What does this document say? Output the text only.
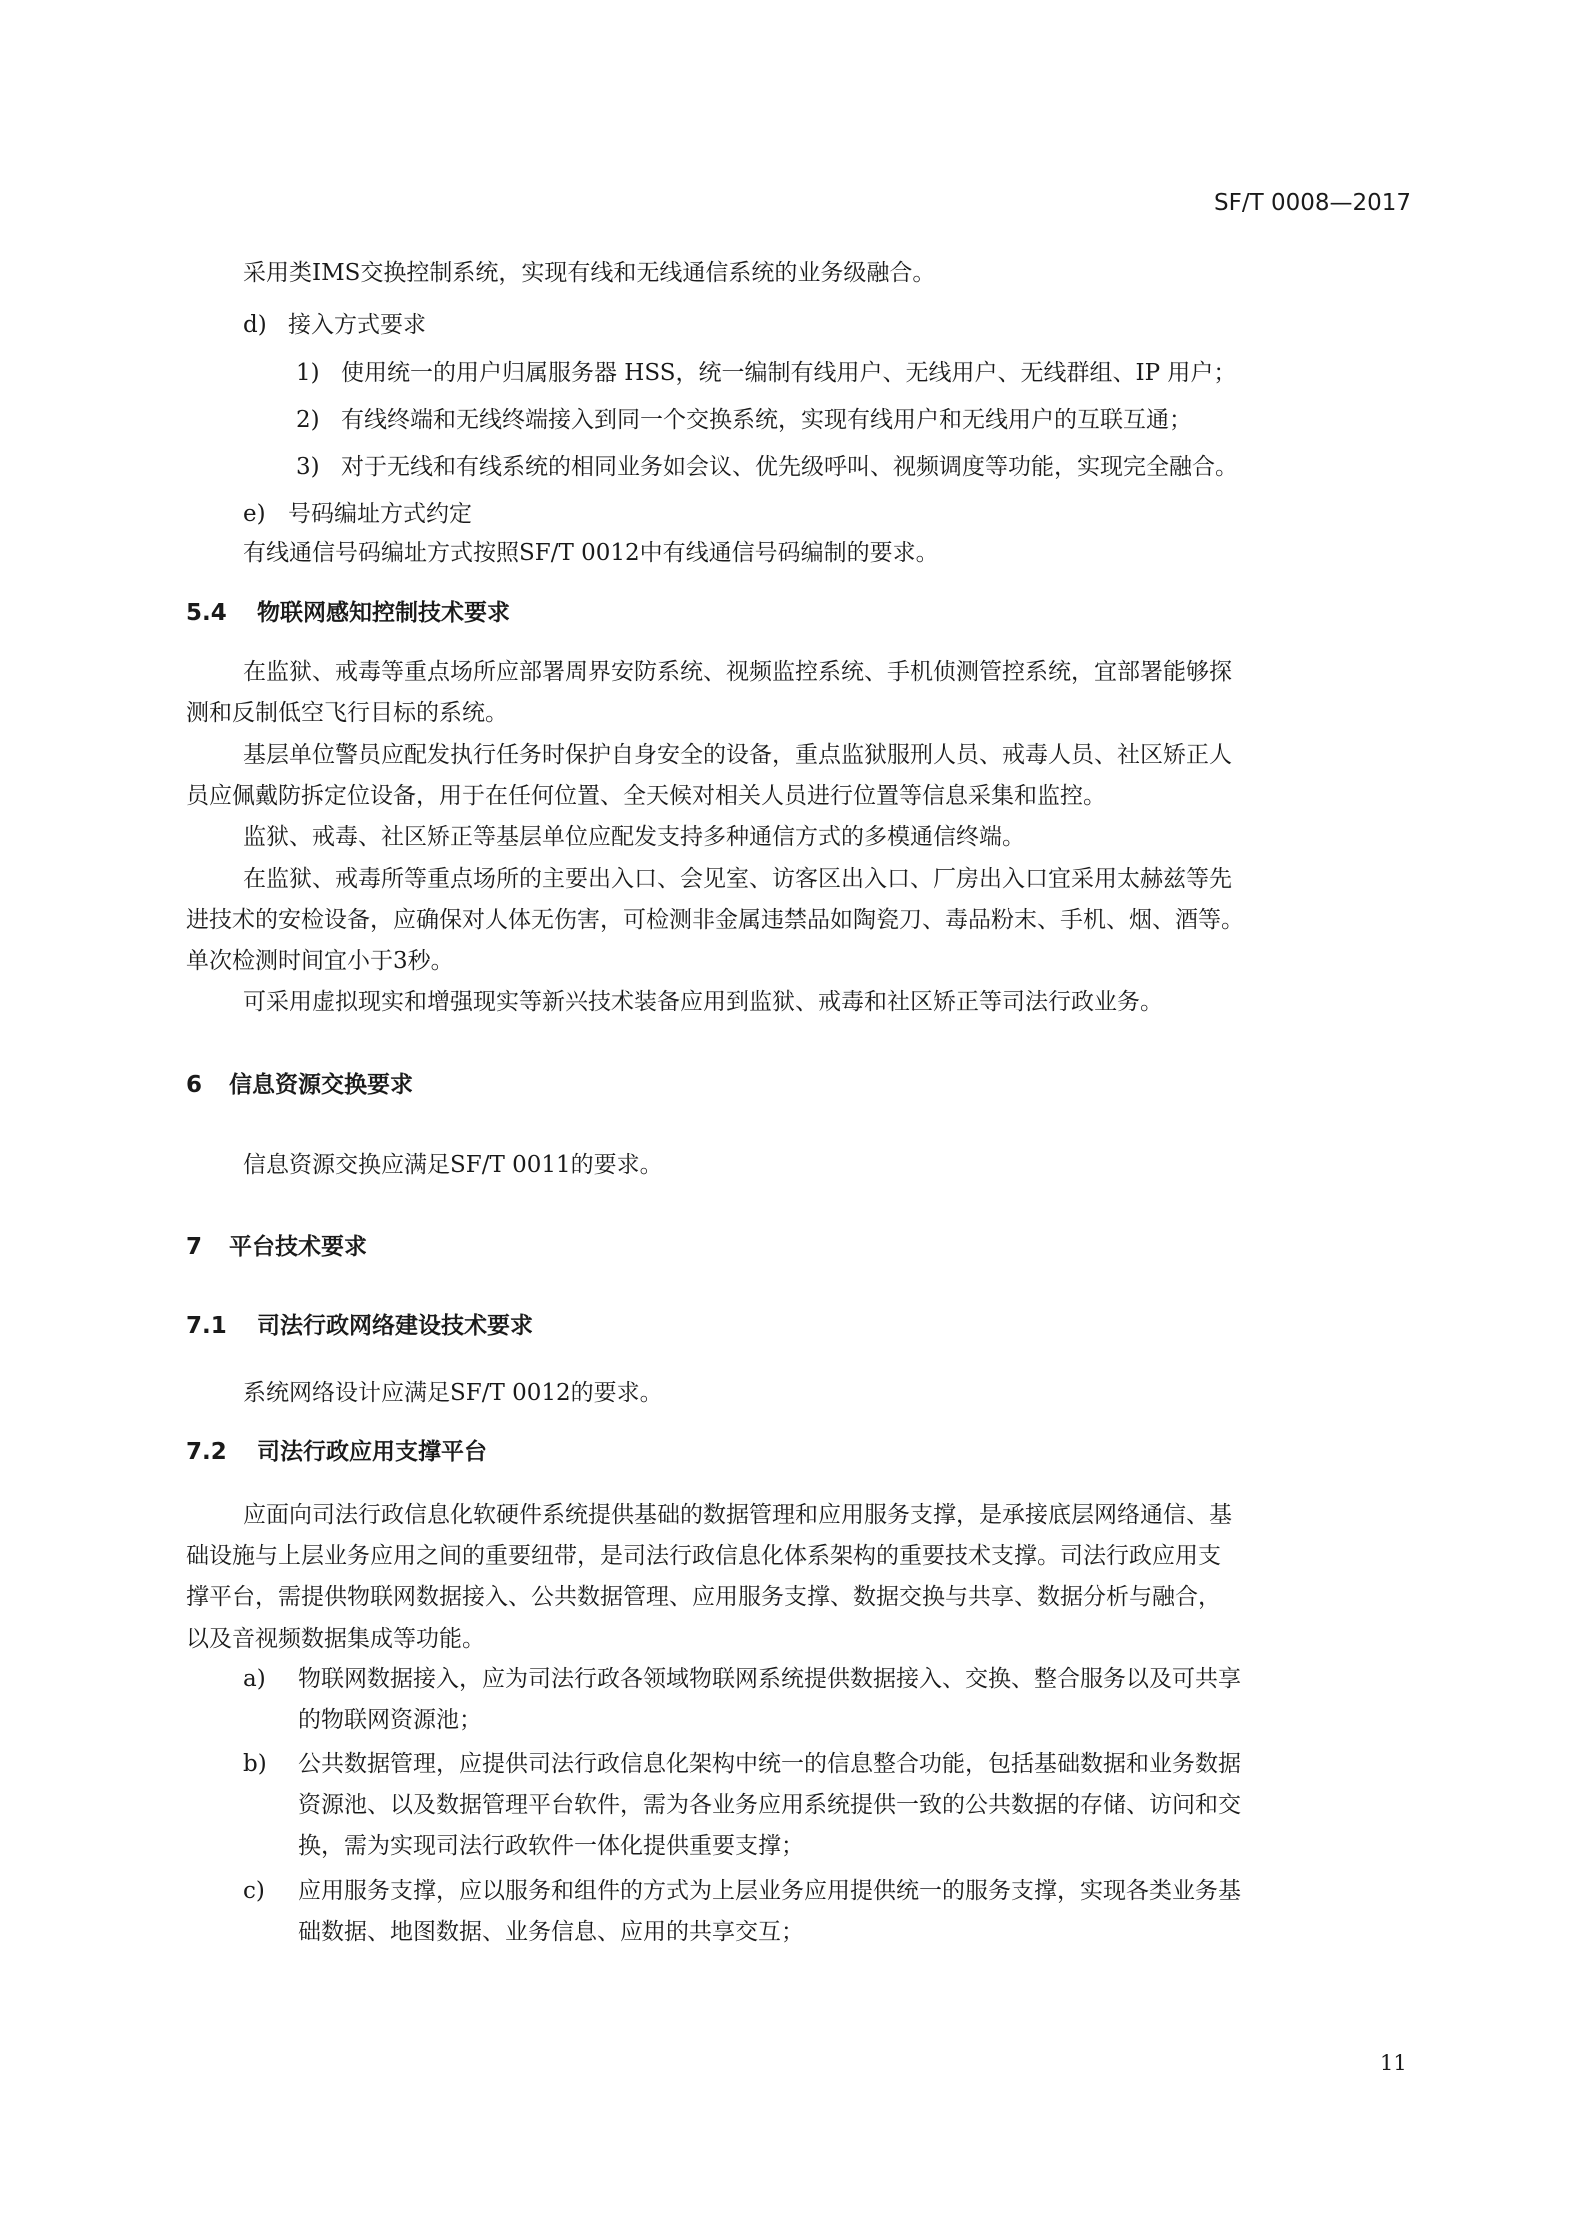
SF/T 0008—2017
采用类IMS交换控制系统，实现有线和无线通信系统的业务级融合。
d) 接入方式要求
1) 使用统一的用户归属服务器 HSS，统一编制有线用户、无线用户、无线群组、IP 用户；
2) 有线终端和无线终端接入到同一个交换系统，实现有线用户和无线用户的互联互通；
3) 对于无线和有线系统的相同业务如会议、优先级呼叫、视频调度等功能，实现完全融合。
e) 号码编址方式约定
有线通信号码编址方式按照SF/T 0012中有线通信号码编制的要求。
5.4 物联网感知控制技术要求
在监狱、戒毒等重点场所应部署周界安防系统、视频监控系统、手机侦测管控系统，宜部署能够探
测和反制低空飞行目标的系统。
基层单位警员应配发执行任务时保护自身安全的设备，重点监狱服刑人员、戒毒人员、社区矫正人
员应佩戴防拆定位设备，用于在任何位置、全天候对相关人员进行位置等信息采集和监控。
监狱、戒毒、社区矫正等基层单位应配发支持多种通信方式的多模通信终端。
在监狱、戒毒所等重点场所的主要出入口、会见室、访客区出入口、厂房出入口宜采用太赫兹等先
进技术的安检设备，应确保对人体无伤害，可检测非金属违禁品如陶瓷刀、毒品粉末、手机、烟、酒等。
单次检测时间宜小于3秒。
可采用虚拟现实和增强现实等新兴技术装备应用到监狱、戒毒和社区矫正等司法行政业务。
6 信息资源交换要求
信息资源交换应满足SF/T 0011的要求。
7 平台技术要求
7.1 司法行政网络建设技术要求
系统网络设计应满足SF/T 0012的要求。
7.2 司法行政应用支撑平台
应面向司法行政信息化软硬件系统提供基础的数据管理和应用服务支撑，是承接底层网络通信、基
础设施与上层业务应用之间的重要纽带，是司法行政信息化体系架构的重要技术支撑。司法行政应用支
撑平台，需提供物联网数据接入、公共数据管理、应用服务支撑、数据交换与共享、数据分析与融合，
以及音视频数据集成等功能。
a) 物联网数据接入，应为司法行政各领域物联网系统提供数据接入、交换、整合服务以及可共享
的物联网资源池；
b) 公共数据管理，应提供司法行政信息化架构中统一的信息整合功能，包括基础数据和业务数据
资源池、以及数据管理平台软件，需为各业务应用系统提供一致的公共数据的存储、访问和交
换，需为实现司法行政软件一体化提供重要支撑；
c) 应用服务支撑，应以服务和组件的方式为上层业务应用提供统一的服务支撑，实现各类业务基
础数据、地图数据、业务信息、应用的共享交互；
11
